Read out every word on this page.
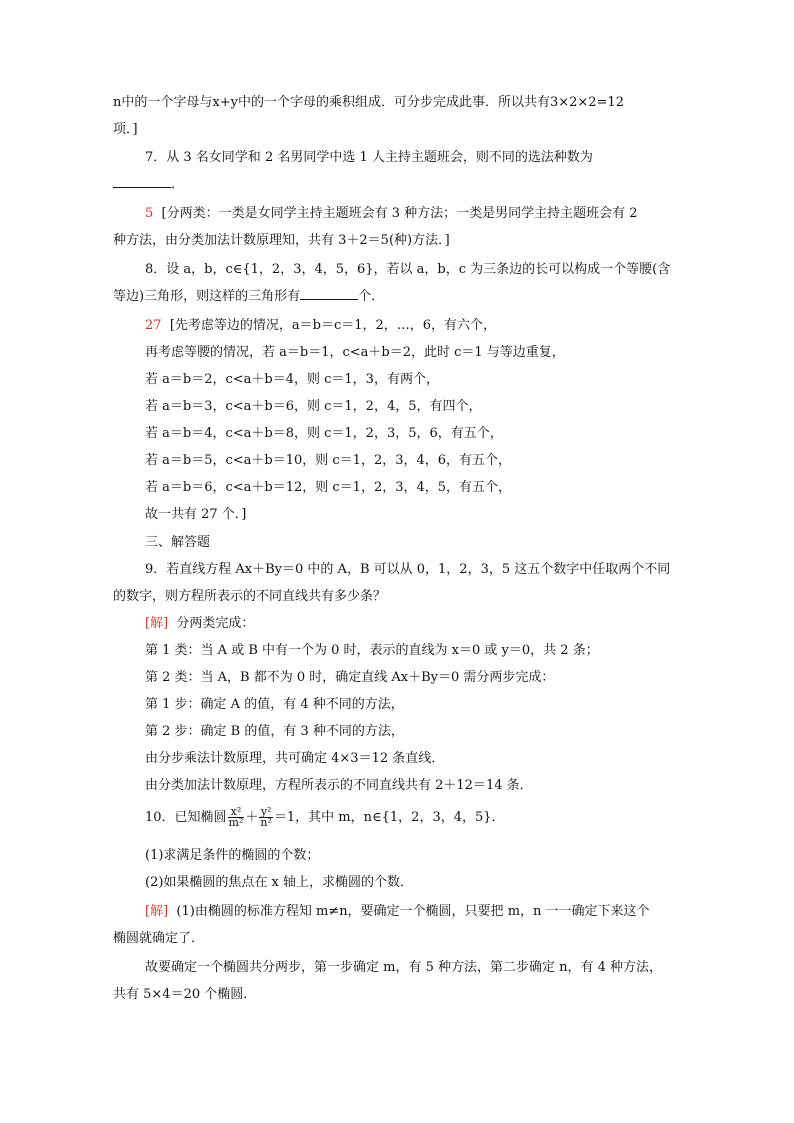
n中的一个字母与x+y中的一个字母的乘积组成．可分步完成此事．所以共有3×2×2=12
项．]
7．从 3 名女同学和 2 名男同学中选 1 人主持主题班会，则不同的选法种数为
．
5 [分两类：一类是女同学主持主题班会有 3 种方法；一类是男同学主持主题班会有 2
种方法，由分类加法计数原理知，共有 3＋2＝5(种)方法．]
8．设 a，b，c∈{1，2，3，4，5，6}，若以 a，b，c 为三条边的长可以构成一个等腰(含
等边)三角形，则这样的三角形有	个．
27 [先考虑等边的情况，a＝b＝c＝1，2，…，6，有六个，
再考虑等腰的情况，若 a＝b＝1，c<a＋b＝2，此时 c＝1 与等边重复，
若 a＝b＝2，c<a＋b＝4，则 c＝1，3，有两个，
若 a＝b＝3，c<a＋b＝6，则 c＝1，2，4，5，有四个，
若 a＝b＝4，c<a＋b＝8，则 c＝1，2，3，5，6，有五个，
若 a＝b＝5，c<a＋b＝10，则 c＝1，2，3，4，6，有五个，
若 a＝b＝6，c<a＋b＝12，则 c＝1，2，3，4，5，有五个，
故一共有 27 个．]
三、解答题
9．若直线方程 Ax＋By＝0 中的 A，B 可以从 0，1，2，3，5 这五个数字中任取两个不同
的数字，则方程所表示的不同直线共有多少条？
[解] 分两类完成：
第 1 类：当 A 或 B 中有一个为 0 时，表示的直线为 x＝0 或 y＝0，共 2 条；
第 2 类：当 A，B 都不为 0 时，确定直线 Ax＋By＝0 需分两步完成：
第 1 步：确定 A 的值，有 4 种不同的方法，
第 2 步：确定 B 的值，有 3 种不同的方法，
由分步乘法计数原理，共可确定 4×3＝12 条直线．
由分类加法计数原理，方程所表示的不同直线共有 2＋12＝14 条．
10．已知椭圆 $\frac{\text{x²}}{\text{m²}} + \frac{\text{y²}}{\text{n²}} =1$，其中 m，n∈{1，2，3，4，5}．
(1)求满足条件的椭圆的个数；
(2)如果椭圆的焦点在 x 轴上，求椭圆的个数．
[解] (1)由椭圆的标准方程知 m≠n，要确定一个椭圆，只要把 m，n 一一确定下来这个
椭圆就确定了．
故要确定一个椭圆共分两步，第一步确定 m，有 5 种方法，第二步确定 n，有 4 种方法，
共有 5×4＝20 个椭圆．
